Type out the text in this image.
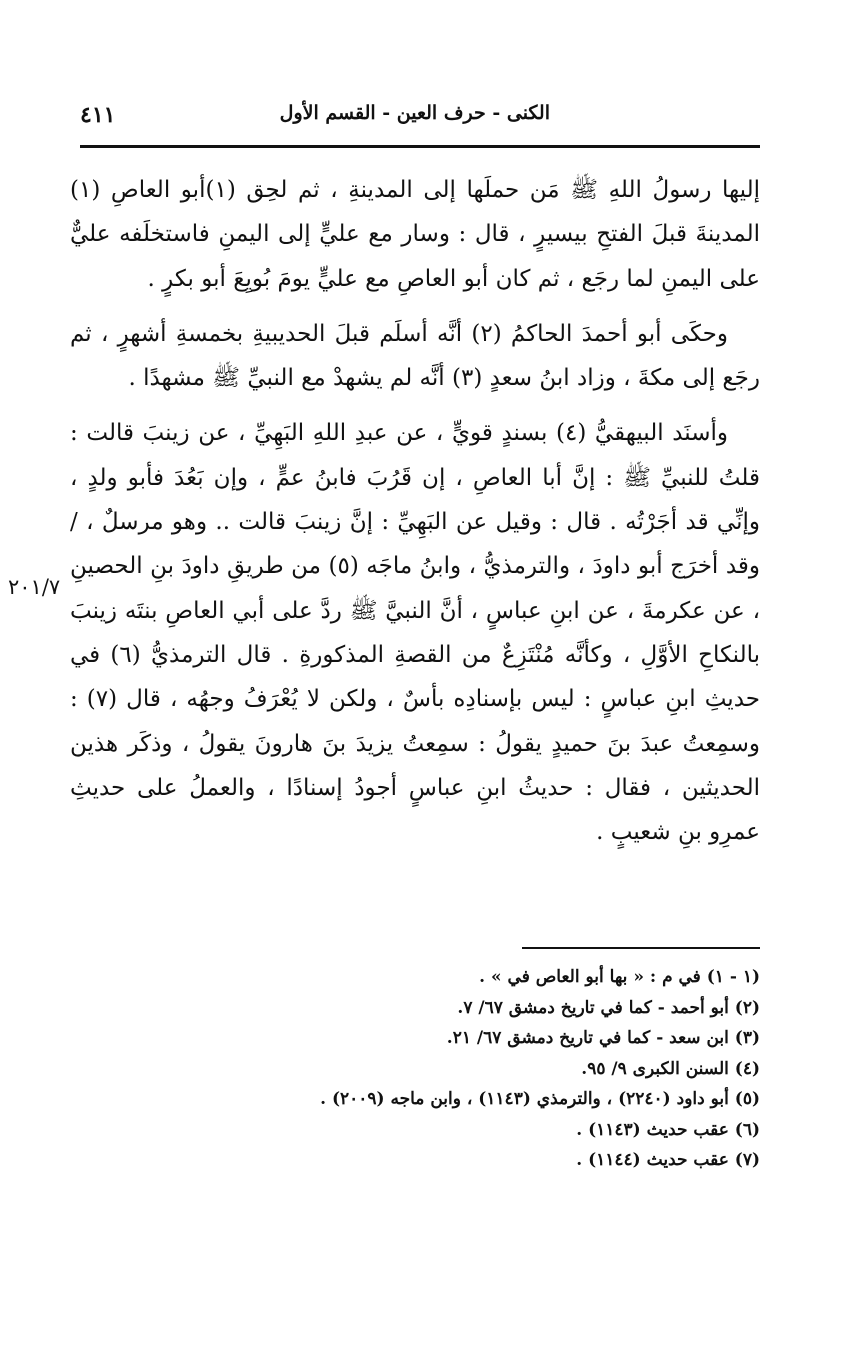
٤١١	الكنى - حرف العين - القسم الأول

إليها رسولُ اللهِ ﷺ مَن حملَها إلى المدينةِ ، ثم لحِق (١)أبو العاصِ (١) المدينةَ قبلَ الفتحِ بيسيرٍ ، قال : وسار مع عليٍّ إلى اليمنِ فاستخلَفه عليٌّ على اليمنِ لما رجَع ، ثم كان أبو العاصِ مع عليٍّ يومَ بُويِعَ أبو بكرٍ .

وحكَى أبو أحمدَ الحاكمُ (٢) أنَّه أسلَم قبلَ الحديبيةِ بخمسةِ أشهرٍ ، ثم رجَع إلى مكةَ ، وزاد ابنُ سعدٍ (٣) أنَّه لم يشهدْ مع النبيِّ ﷺ مشهدًا .

وأسنَد البيهقيُّ (٤) بسندٍ قويٍّ ، عن عبدِ اللهِ البَهِيِّ ، عن زينبَ قالت : قلتُ للنبيِّ ﷺ : إنَّ أبا العاصِ ، إن قَرُبَ فابنُ عمٍّ ، وإن بَعُدَ فأبو ولدٍ ، وإنِّي قد أجَرْتُه . قال : وقيل عن البَهِيِّ : إنَّ زينبَ قالت .. وهو مرسلٌ ، /وقد أخرَج أبو داودَ ، والترمذيُّ ، وابنُ ماجَه (٥) من طريقِ داودَ بنِ الحصينِ ، عن عكرمةَ ، عن ابنِ عباسٍ ، أنَّ النبيَّ ﷺ ردَّ على أبي العاصِ بنتَه زينبَ بالنكاحِ الأوَّلِ ، وكأنَّه مُنْتَزِعٌ من القصةِ المذكورةِ . قال الترمذيُّ (٦) في حديثِ ابنِ عباسٍ : ليس بإسنادِه بأسٌ ، ولكن لا يُعْرَفُ وجهُه ، قال (٧) : وسمِعتُ عبدَ بنَ حميدٍ يقولُ : سمِعتُ يزيدَ بنَ هارونَ يقولُ ، وذكَر هذين الحديثين ، فقال : حديثُ ابنِ عباسٍ أجودُ إسنادًا ، والعملُ على حديثِ عمرِو بنِ شعيبٍ .

٢٠١/٧
(١ - ١) في م : « بها أبو العاص في » .
(٢) أبو أحمد - كما في تاريخ دمشق ٦٧/ ٧.
(٣) ابن سعد - كما في تاريخ دمشق ٦٧/ ٢١.
(٤) السنن الكبرى ٩/ ٩٥.
(٥) أبو داود (٢٢٤٠) ، والترمذي (١١٤٣) ، وابن ماجه (٢٠٠٩) .
(٦) عقب حديث (١١٤٣) .
(٧) عقب حديث (١١٤٤) .
